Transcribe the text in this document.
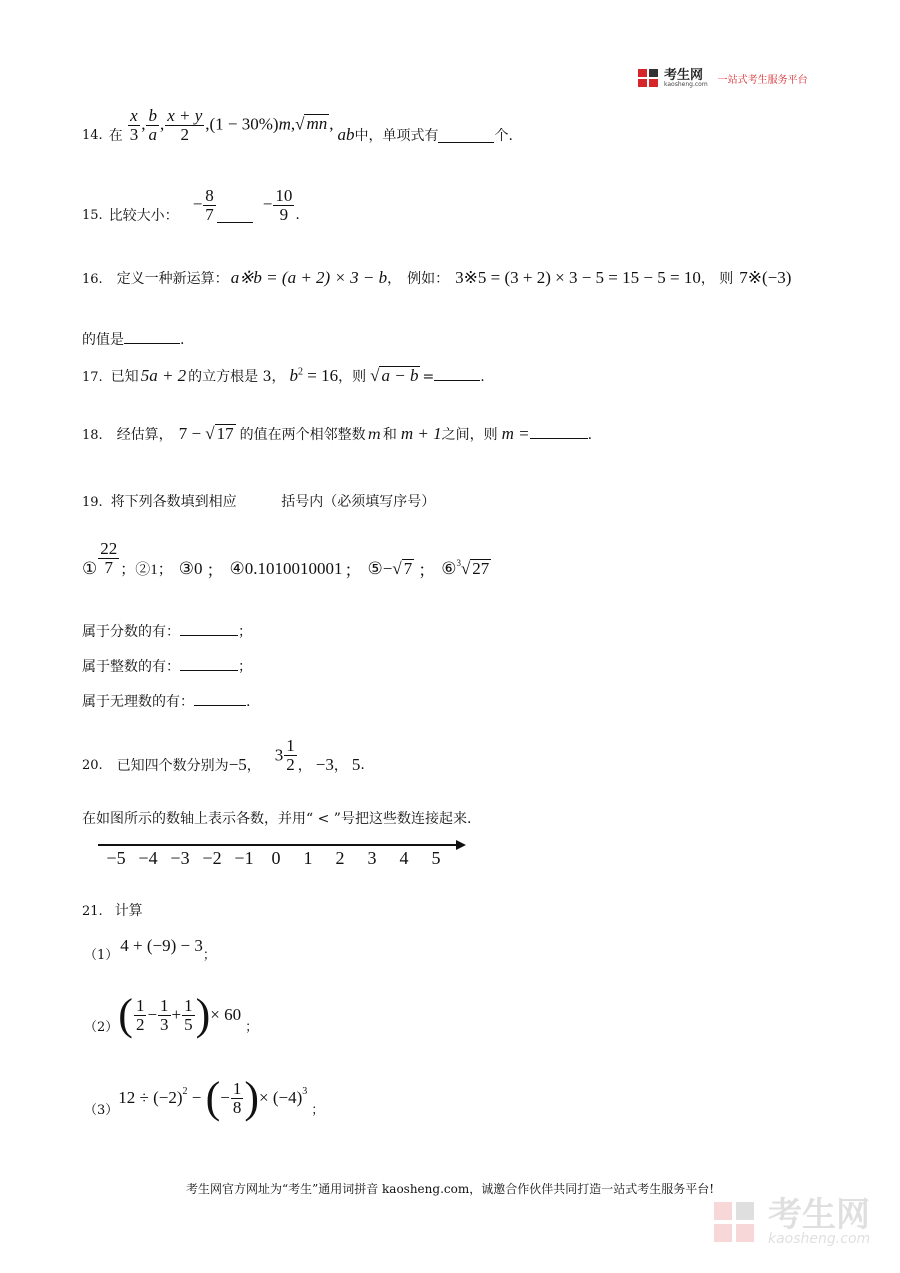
考生网
kaosheng.com 一站式考生服务平台
14. 在 $\frac{x}{3}$ , $\frac{b}{a}$ , $\frac{x + y}{2} ,(1 - 30\%)m,√$ mn ,
ab 中，单项式有	个.
15. 比较大小：
− $\frac{8}{7}$	− $\frac{10}{9}$ .
16. 定义一种新运算： a※b = (a + 2) × 3 − b ， 例如： 3※5 = (3 + 2) × 3 − 5 = 15 − 5 = 10 ， 则 7※(−3)
的值是	.
17. 已知 5a + 2 的立方根是 3， $b^2 = 16$ ，则 √ a − b =	.
18. 经估算， 7 − √ 17 的值在两个相邻整数 m 和 m + 1 之间，则 m =	.
19. 将下列各数填到相应          括号内（必须填写序号）
① $\frac{22}{7}$ ；②1； ③0 ； ④0.1010010001 ； ⑤− √ 7 ； ⑥$^3$ √ 27
属于分数的有：	；
属于整数的有：	；
属于无理数的有：	.
20. 已知四个数分别为 −5 ，
$3 \frac{1}{2}$ ， −3 ， 5 .
在如图所示的数轴上表示各数，并用“ < ”号把这些数连接起来.
−5 −4 −3 −2 −1 0 1 2 3 4 5
21. 计算
（1） 4 + (−9) − 3 ；
（2） ( $\frac{1}{2} - \frac{1}{3} + \frac{1}{5}$ ) × 60
；
（3）
$12 \div (-2)^2$ − ( − $\frac{1}{8}$ ) × $(-4)^3$
；
考生网官方网址为“考生”通用词拼音 kaosheng.com，诚邀合作伙伴共同打造一站式考生服务平台!
考生网
kaosheng.com
